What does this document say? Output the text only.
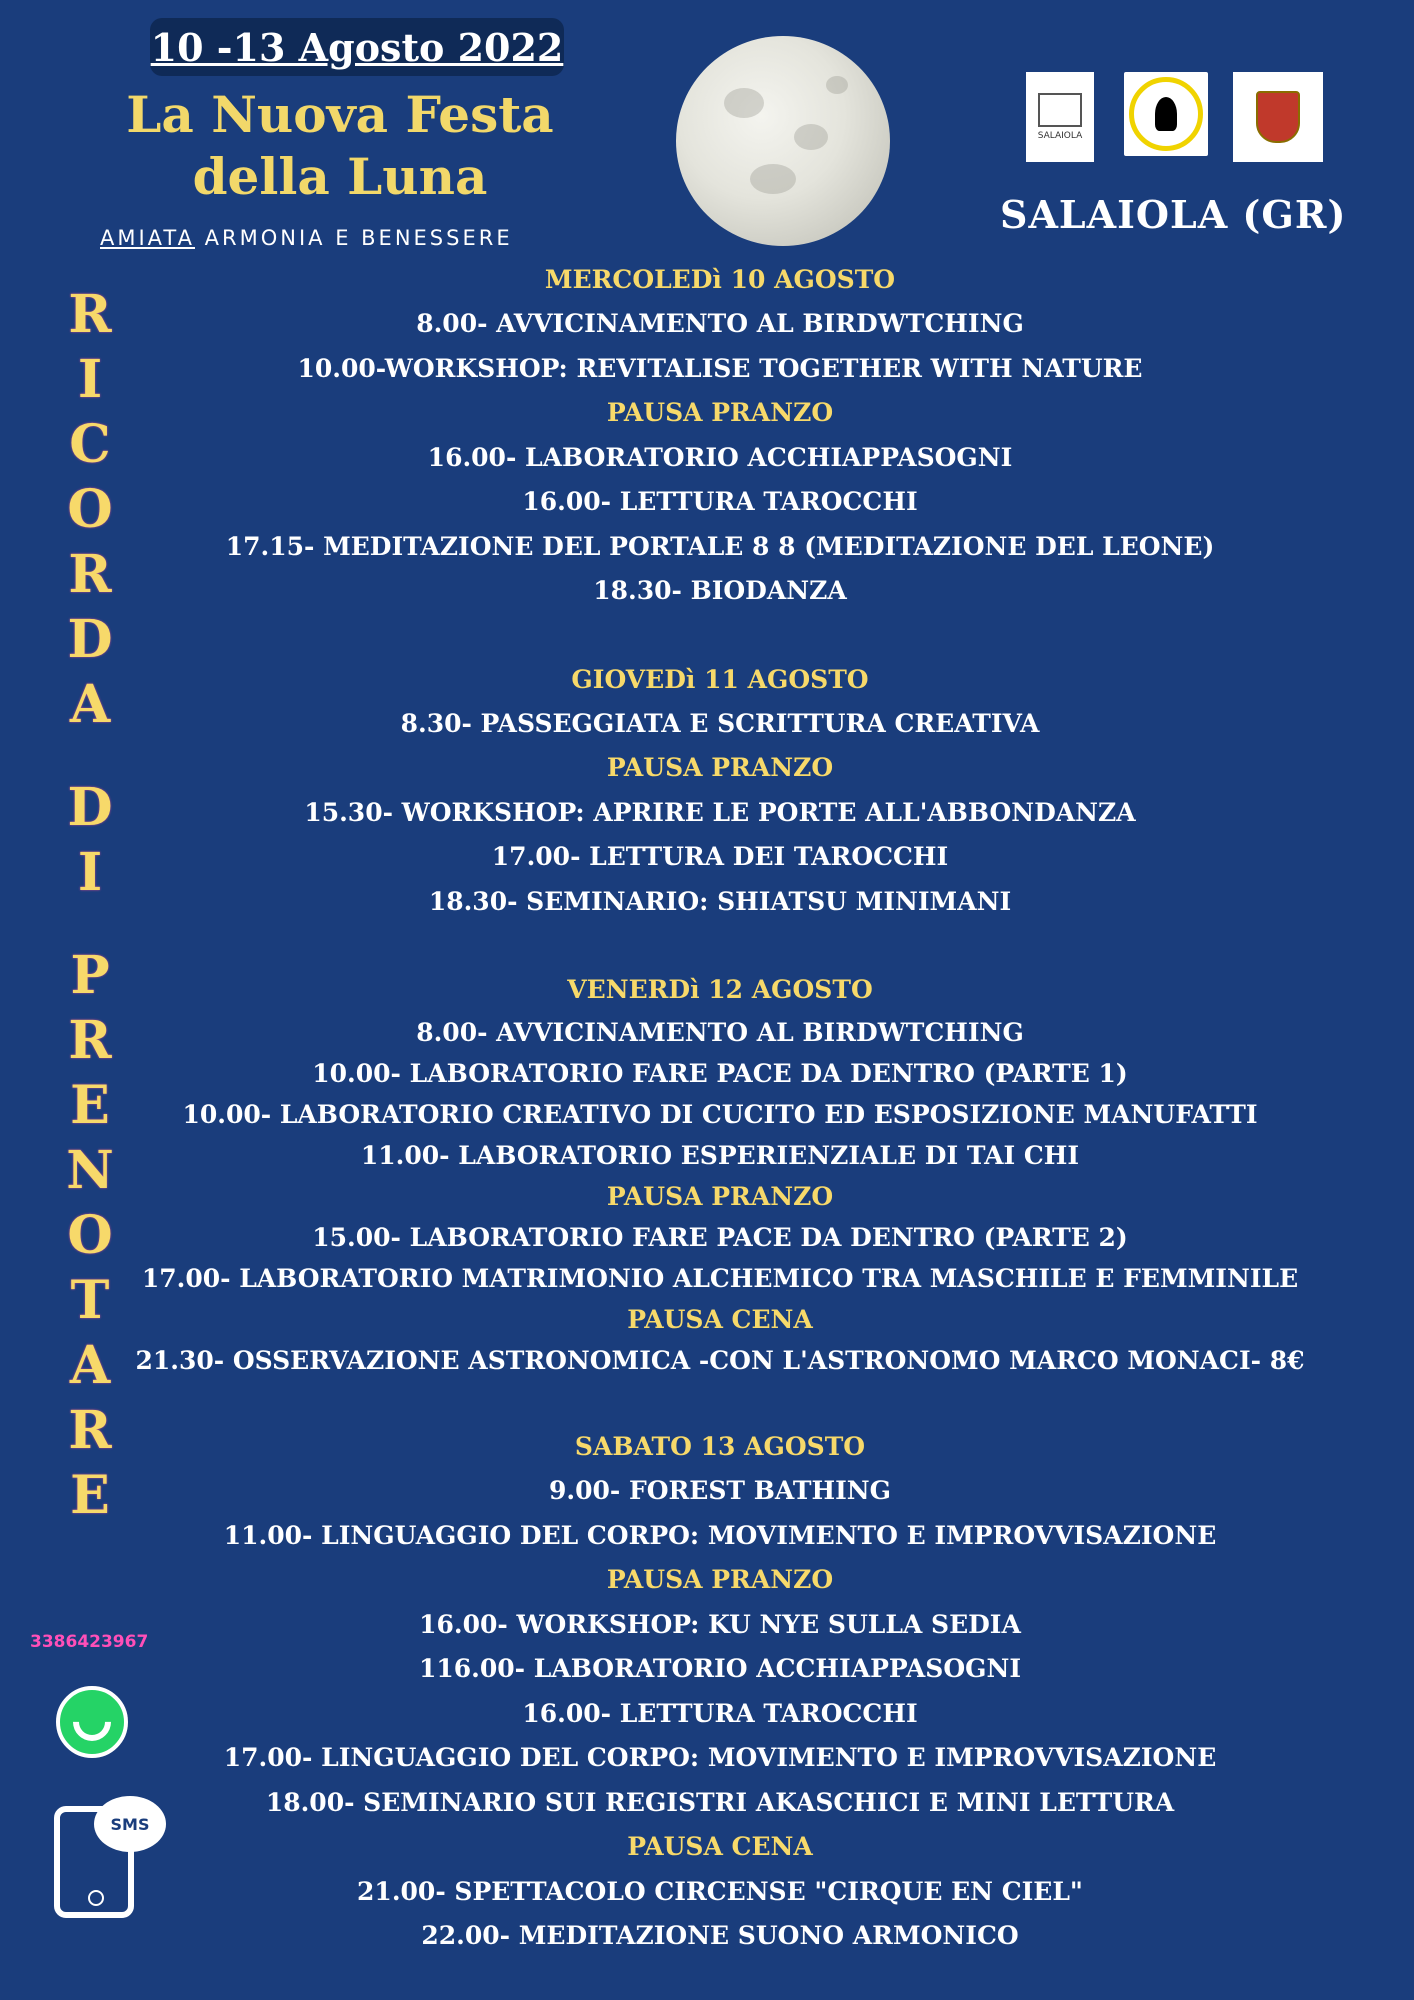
10 -13 Agosto 2022
La Nuova Festa
della Luna
AMIATA ARMONIA E BENESSERE
SALAIOLA
SALAIOLA (GR)
R
I
C
O
R
D
A
D
I
P
R
E
N
O
T
A
R
E
3386423967
SMS
MERCOLEDì 10 AGOSTO
8.00- AVVICINAMENTO AL BIRDWTCHING
10.00-WORKSHOP: REVITALISE TOGETHER WITH NATURE
PAUSA PRANZO
16.00- LABORATORIO ACCHIAPPASOGNI
16.00- LETTURA TAROCCHI
17.15- MEDITAZIONE DEL PORTALE 8 8 (MEDITAZIONE DEL LEONE)
18.30- BIODANZA
GIOVEDì 11 AGOSTO
8.30- PASSEGGIATA E SCRITTURA CREATIVA
PAUSA PRANZO
15.30- WORKSHOP: APRIRE LE PORTE ALL'ABBONDANZA
17.00- LETTURA DEI TAROCCHI
18.30- SEMINARIO: SHIATSU MINIMANI
VENERDì 12 AGOSTO
8.00- AVVICINAMENTO AL BIRDWTCHING
10.00- LABORATORIO FARE PACE DA DENTRO (PARTE 1)
10.00- LABORATORIO CREATIVO DI CUCITO ED ESPOSIZIONE MANUFATTI
11.00- LABORATORIO ESPERIENZIALE DI TAI CHI
PAUSA PRANZO
15.00- LABORATORIO FARE PACE DA DENTRO (PARTE 2)
17.00- LABORATORIO MATRIMONIO ALCHEMICO TRA MASCHILE E FEMMINILE
PAUSA CENA
21.30- OSSERVAZIONE ASTRONOMICA -CON L'ASTRONOMO MARCO MONACI- 8€
SABATO 13 AGOSTO
9.00- FOREST BATHING
11.00- LINGUAGGIO DEL CORPO: MOVIMENTO E IMPROVVISAZIONE
PAUSA PRANZO
16.00- WORKSHOP: KU NYE SULLA SEDIA
116.00- LABORATORIO ACCHIAPPASOGNI
16.00- LETTURA TAROCCHI
17.00- LINGUAGGIO DEL CORPO: MOVIMENTO E IMPROVVISAZIONE
18.00- SEMINARIO SUI REGISTRI AKASCHICI E MINI LETTURA
PAUSA CENA
21.00- SPETTACOLO CIRCENSE "CIRQUE EN CIEL"
22.00- MEDITAZIONE SUONO ARMONICO
